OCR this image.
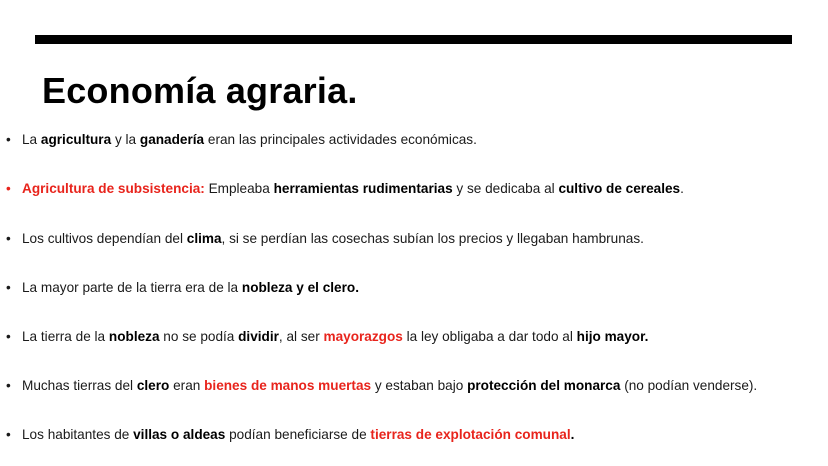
Economía agraria.
• La agricultura y la ganadería eran las principales actividades económicas.
• Agricultura de subsistencia: Empleaba herramientas rudimentarias y se dedicaba al cultivo de cereales.
• Los cultivos dependían del clima, si se perdían las cosechas subían los precios y llegaban hambrunas.
• La mayor parte de la tierra era de la nobleza y el clero.
• La tierra de la nobleza no se podía dividir, al ser mayorazgos la ley obligaba a dar todo al hijo mayor.
• Muchas tierras del clero eran bienes de manos muertas y estaban bajo protección del monarca (no podían venderse).
• Los habitantes de villas o aldeas podían beneficiarse de tierras de explotación comunal.
